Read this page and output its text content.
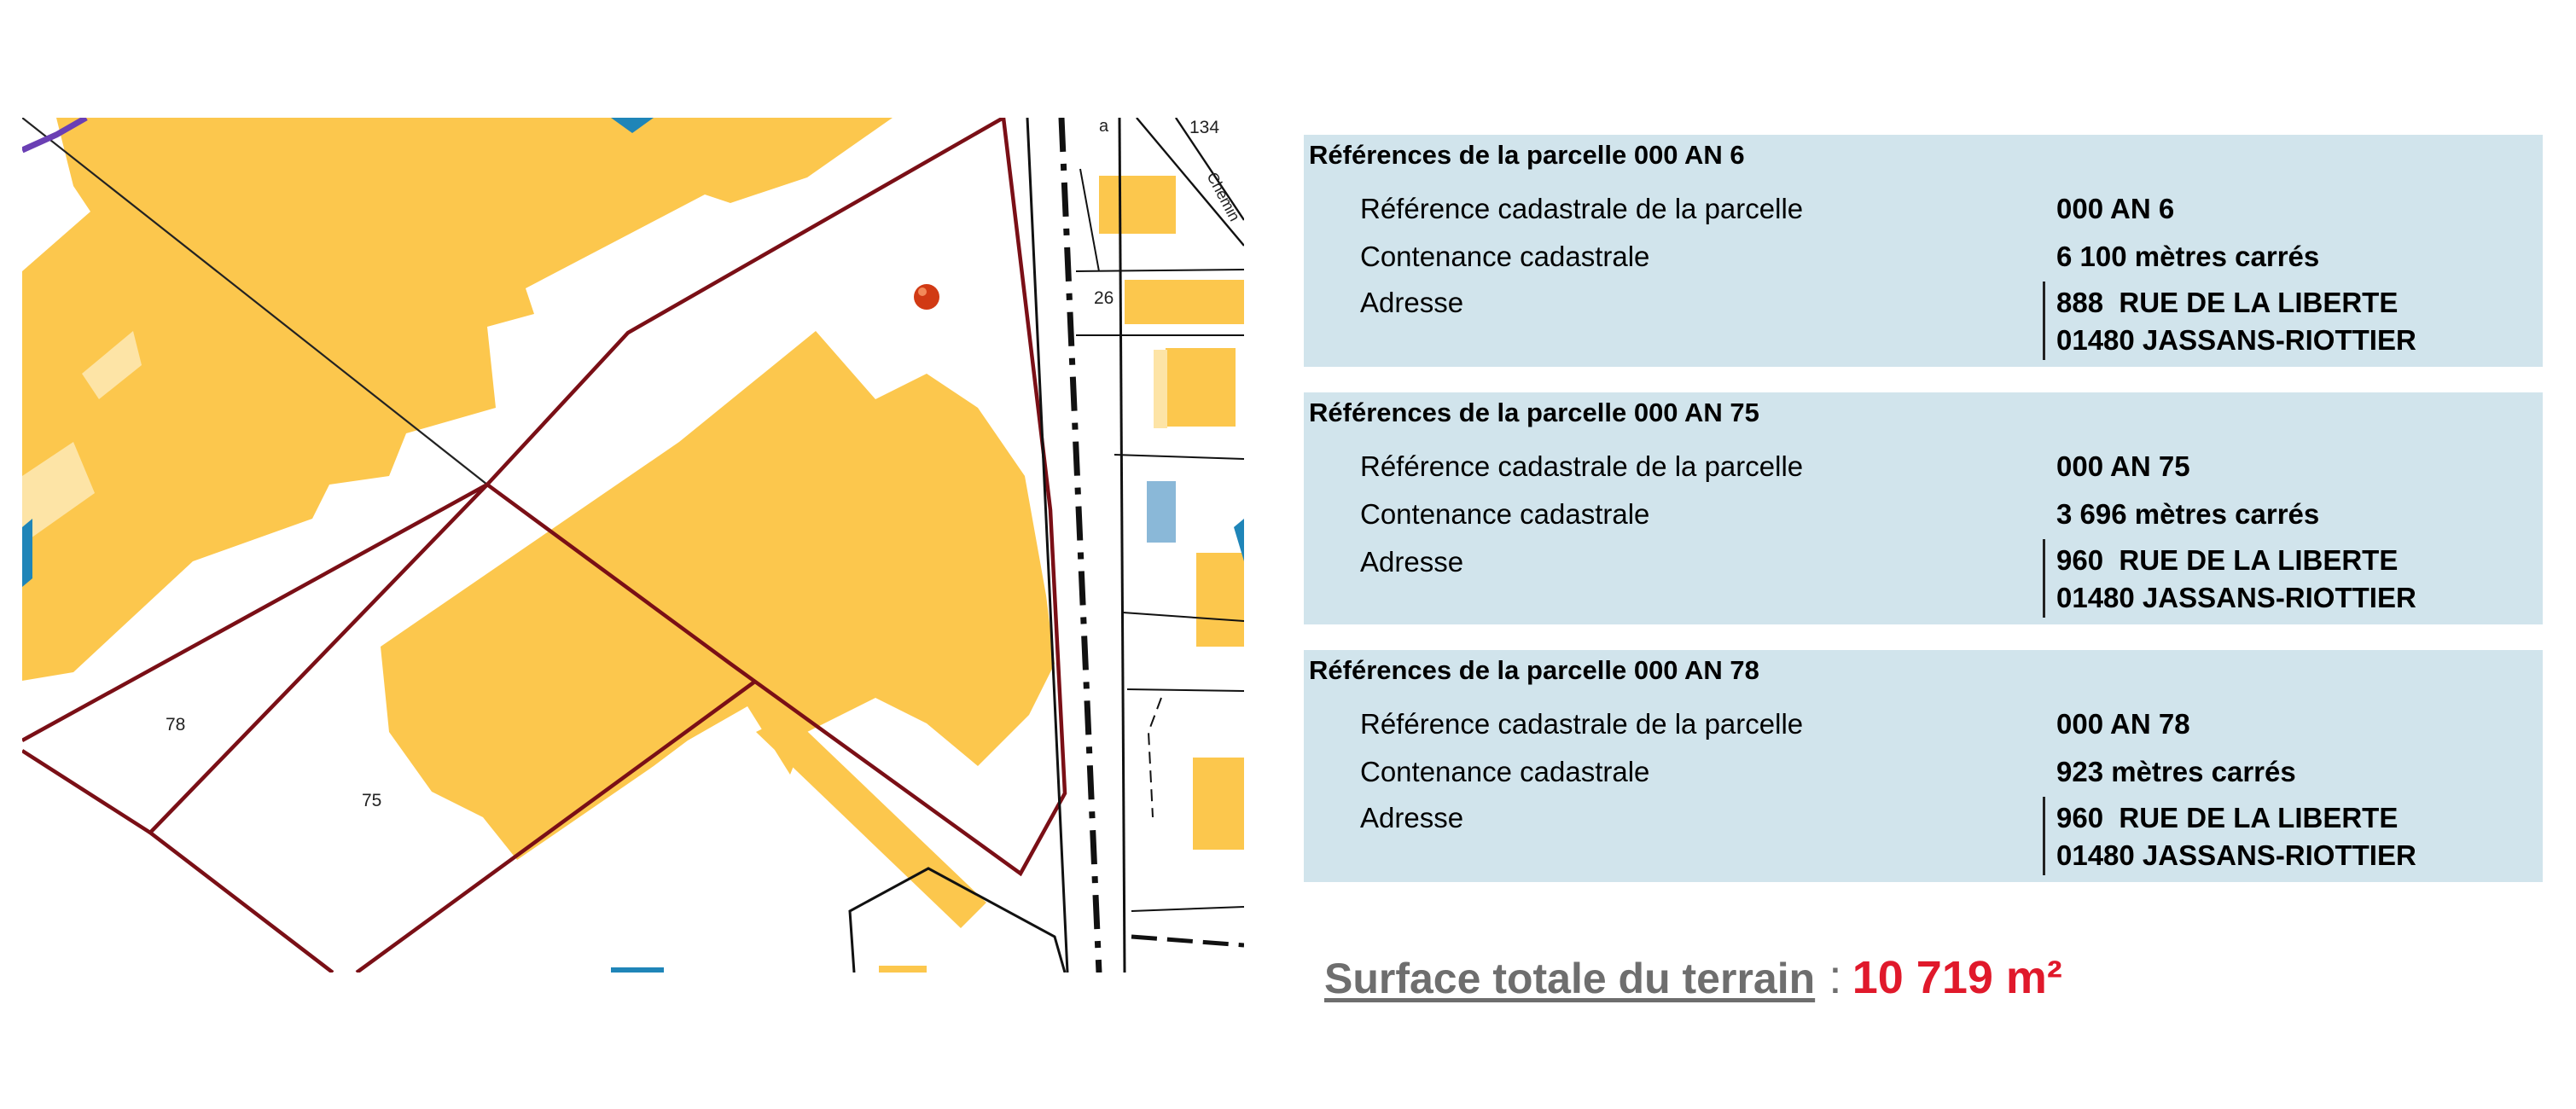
78
75
134
26
a
Chemin
Références de la parcelle 000 AN 6
Référence cadastrale de la parcelle	000 AN 6
Contenance cadastrale	6 100 mètres carrés
Adresse	888  RUE DE LA LIBERTE
01480 JASSANS-RIOTTIER
Références de la parcelle 000 AN 75
Référence cadastrale de la parcelle	000 AN 75
Contenance cadastrale	3 696 mètres carrés
Adresse	960  RUE DE LA LIBERTE
01480 JASSANS-RIOTTIER
Références de la parcelle 000 AN 78
Référence cadastrale de la parcelle	000 AN 78
Contenance cadastrale	923 mètres carrés
Adresse	960  RUE DE LA LIBERTE
01480 JASSANS-RIOTTIER
Surface totale du terrain : 10 719 m²
